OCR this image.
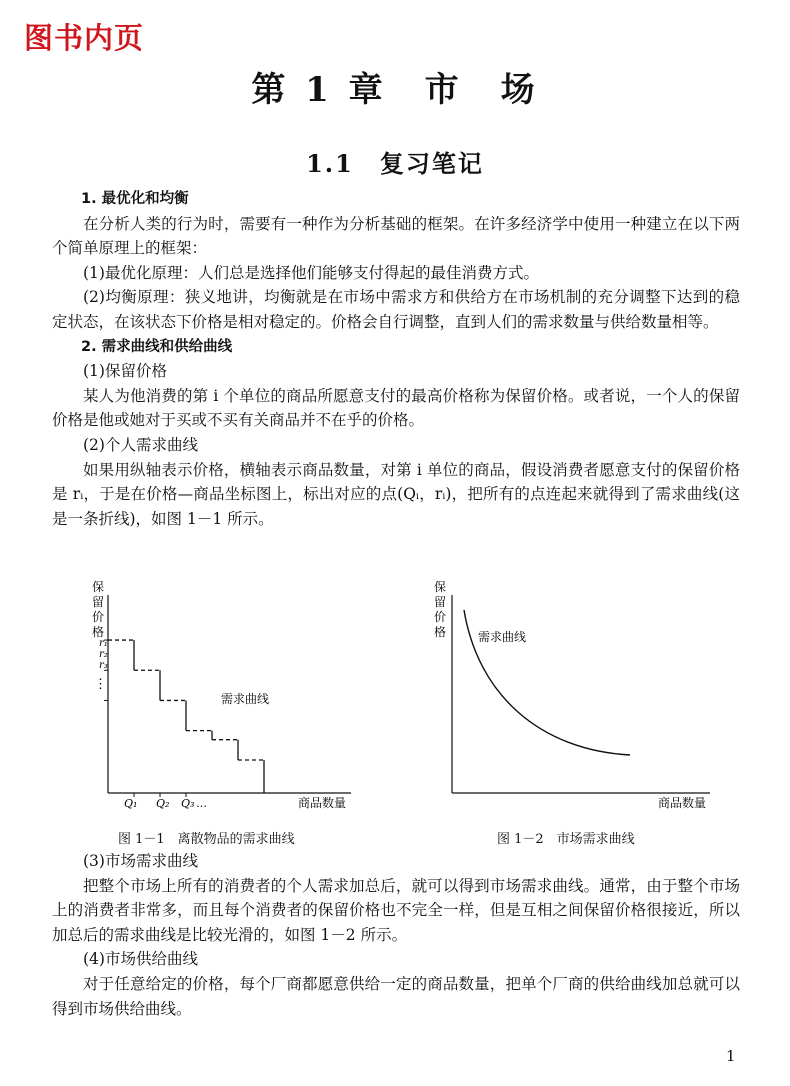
图书内页
第 1 章　市　场
1.1　复习笔记

1. 最优化和均衡

在分析人类的行为时，需要有一种作为分析基础的框架。在许多经济学中使用一种建立在以下两个简单原理上的框架：

(1)最优化原理：人们总是选择他们能够支付得起的最佳消费方式。

(2)均衡原理：狭义地讲，均衡就是在市场中需求方和供给方在市场机制的充分调整下达到的稳定状态，在该状态下价格是相对稳定的。价格会自行调整，直到人们的需求数量与供给数量相等。

2. 需求曲线和供给曲线

(1)保留价格

某人为他消费的第 i 个单位的商品所愿意支付的最高价格称为保留价格。或者说，一个人的保留价格是他或她对于买或不买有关商品并不在乎的价格。

(2)个人需求曲线

如果用纵轴表示价格，横轴表示商品数量，对第 i 单位的商品，假设消费者愿意支付的保留价格是 rᵢ，于是在价格—商品坐标图上，标出对应的点(Qᵢ，rᵢ)，把所有的点连起来就得到了需求曲线(这是一条折线)，如图 1－1 所示。

保
留
价
格
r₁
r₂
r₃
⋮
需求曲线
Q₁ Q₂ Q₃ …	商品数量
图 1－1　离散物品的需求曲线
保
留
价
格	需求曲线
商品数量
图 1－2　市场需求曲线

(3)市场需求曲线

把整个市场上所有的消费者的个人需求加总后，就可以得到市场需求曲线。通常，由于整个市场上的消费者非常多，而且每个消费者的保留价格也不完全一样，但是互相之间保留价格很接近，所以加总后的需求曲线是比较光滑的，如图 1－2 所示。

(4)市场供给曲线

对于任意给定的价格，每个厂商都愿意供给一定的商品数量，把单个厂商的供给曲线加总就可以得到市场供给曲线。

1
